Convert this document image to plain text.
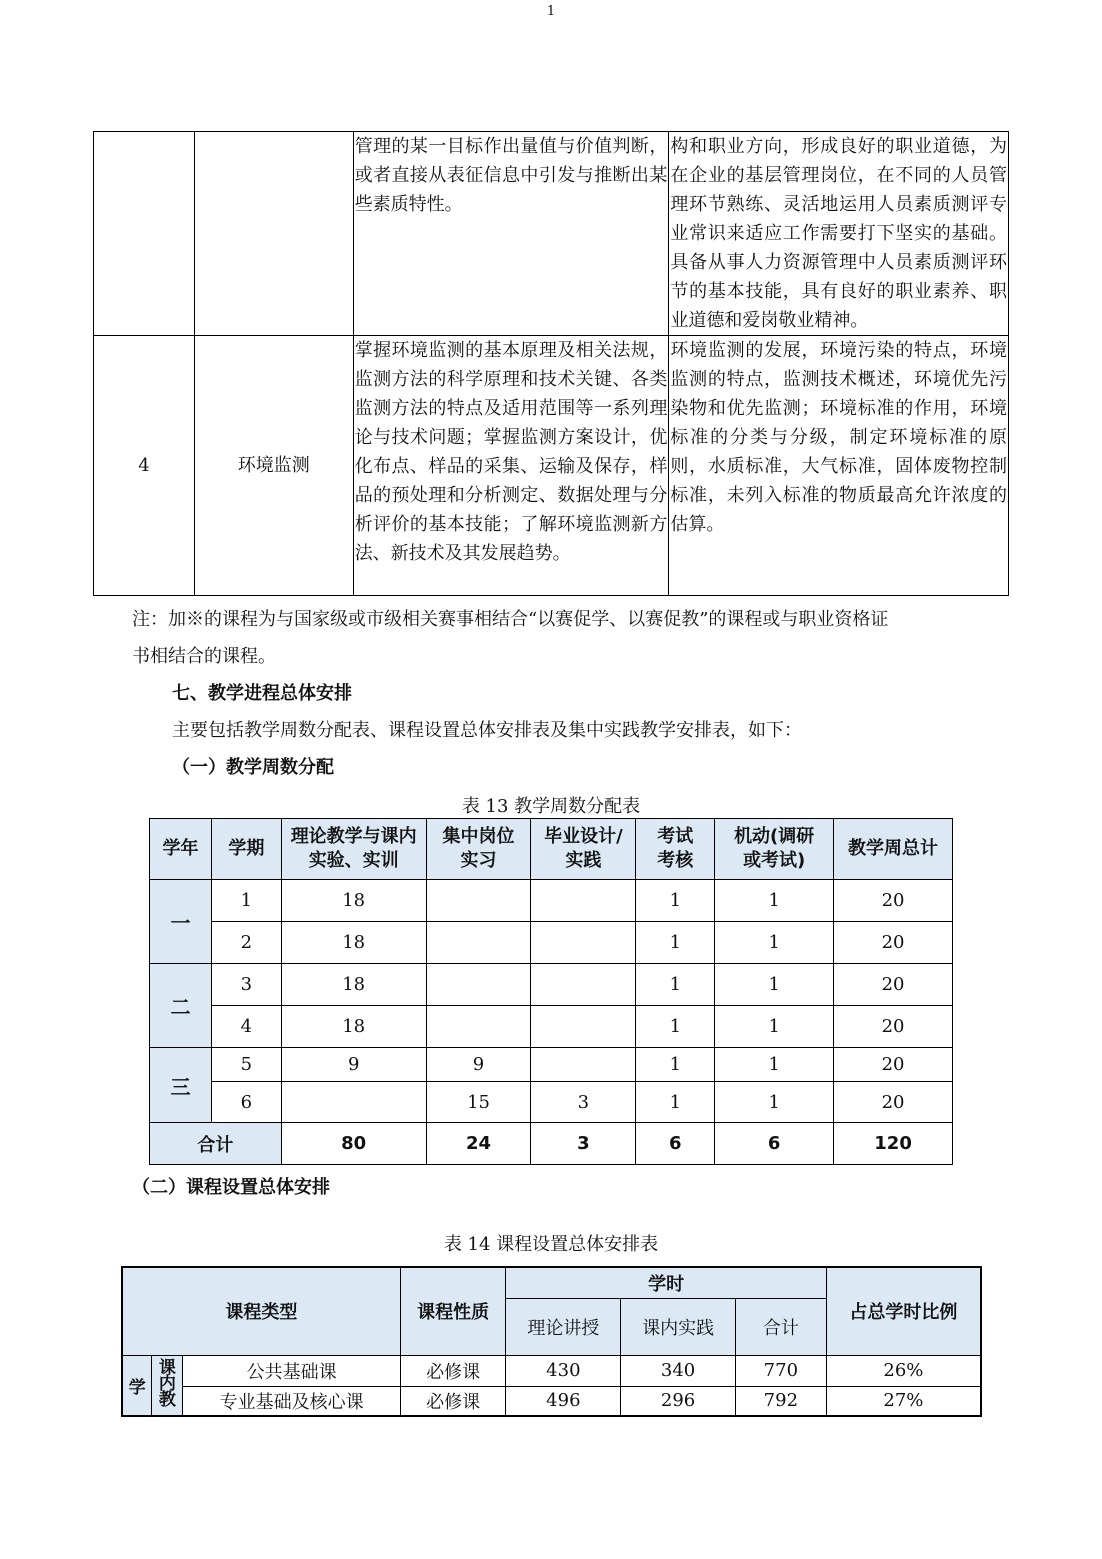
1
		管理的某一目标作出量值与价值判断，或者直接从表征信息中引发与推断出某些素质特性。	构和职业方向，形成良好的职业道德，为在企业的基层管理岗位，在不同的人员管理环节熟练、灵活地运用人员素质测评专业常识来适应工作需要打下坚实的基础。具备从事人力资源管理中人员素质测评环节的基本技能，具有良好的职业素养、职业道德和爱岗敬业精神。
4	环境监测	掌握环境监测的基本原理及相关法规，监测方法的科学原理和技术关键、各类监测方法的特点及适用范围等一系列理论与技术问题；掌握监测方案设计，优化布点、样品的采集、运输及保存，样品的预处理和分析测定、数据处理与分析评价的基本技能；了解环境监测新方法、新技术及其发展趋势。	环境监测的发展，环境污染的特点，环境监测的特点，监测技术概述，环境优先污染物和优先监测；环境标准的作用，环境标准的分类与分级，制定环境标准的原则，水质标准，大气标准，固体废物控制标准，未列入标准的物质最高允许浓度的估算。
注：加※的课程为与国家级或市级相关赛事相结合“以赛促学、以赛促教”的课程或与职业资格证
书相结合的课程。
七、教学进程总体安排
主要包括教学周数分配表、课程设置总体安排表及集中实践教学安排表，如下：
（一）教学周数分配
表 13 教学周数分配表
学年	学期	理论教学与课内实验、实训	集中岗位实习	毕业设计/实践	考试考核	机动(调研或考试)	教学周总计
一	1	18			1	1	20
	2	18			1	1	20
二	3	18			1	1	20
	4	18			1	1	20
三	5	9	9		1	1	20
	6		15	3	1	1	20
合计		80	24	3	6	6	120
（二）课程设置总体安排
表 14 课程设置总体安排表
课程类型			课程性质	学时			占总学时比例
				理论讲授	课内实践	合计	
学	课内教	公共基础课	必修课	430	340	770	26%
		专业基础及核心课	必修课	496	296	792	27%
